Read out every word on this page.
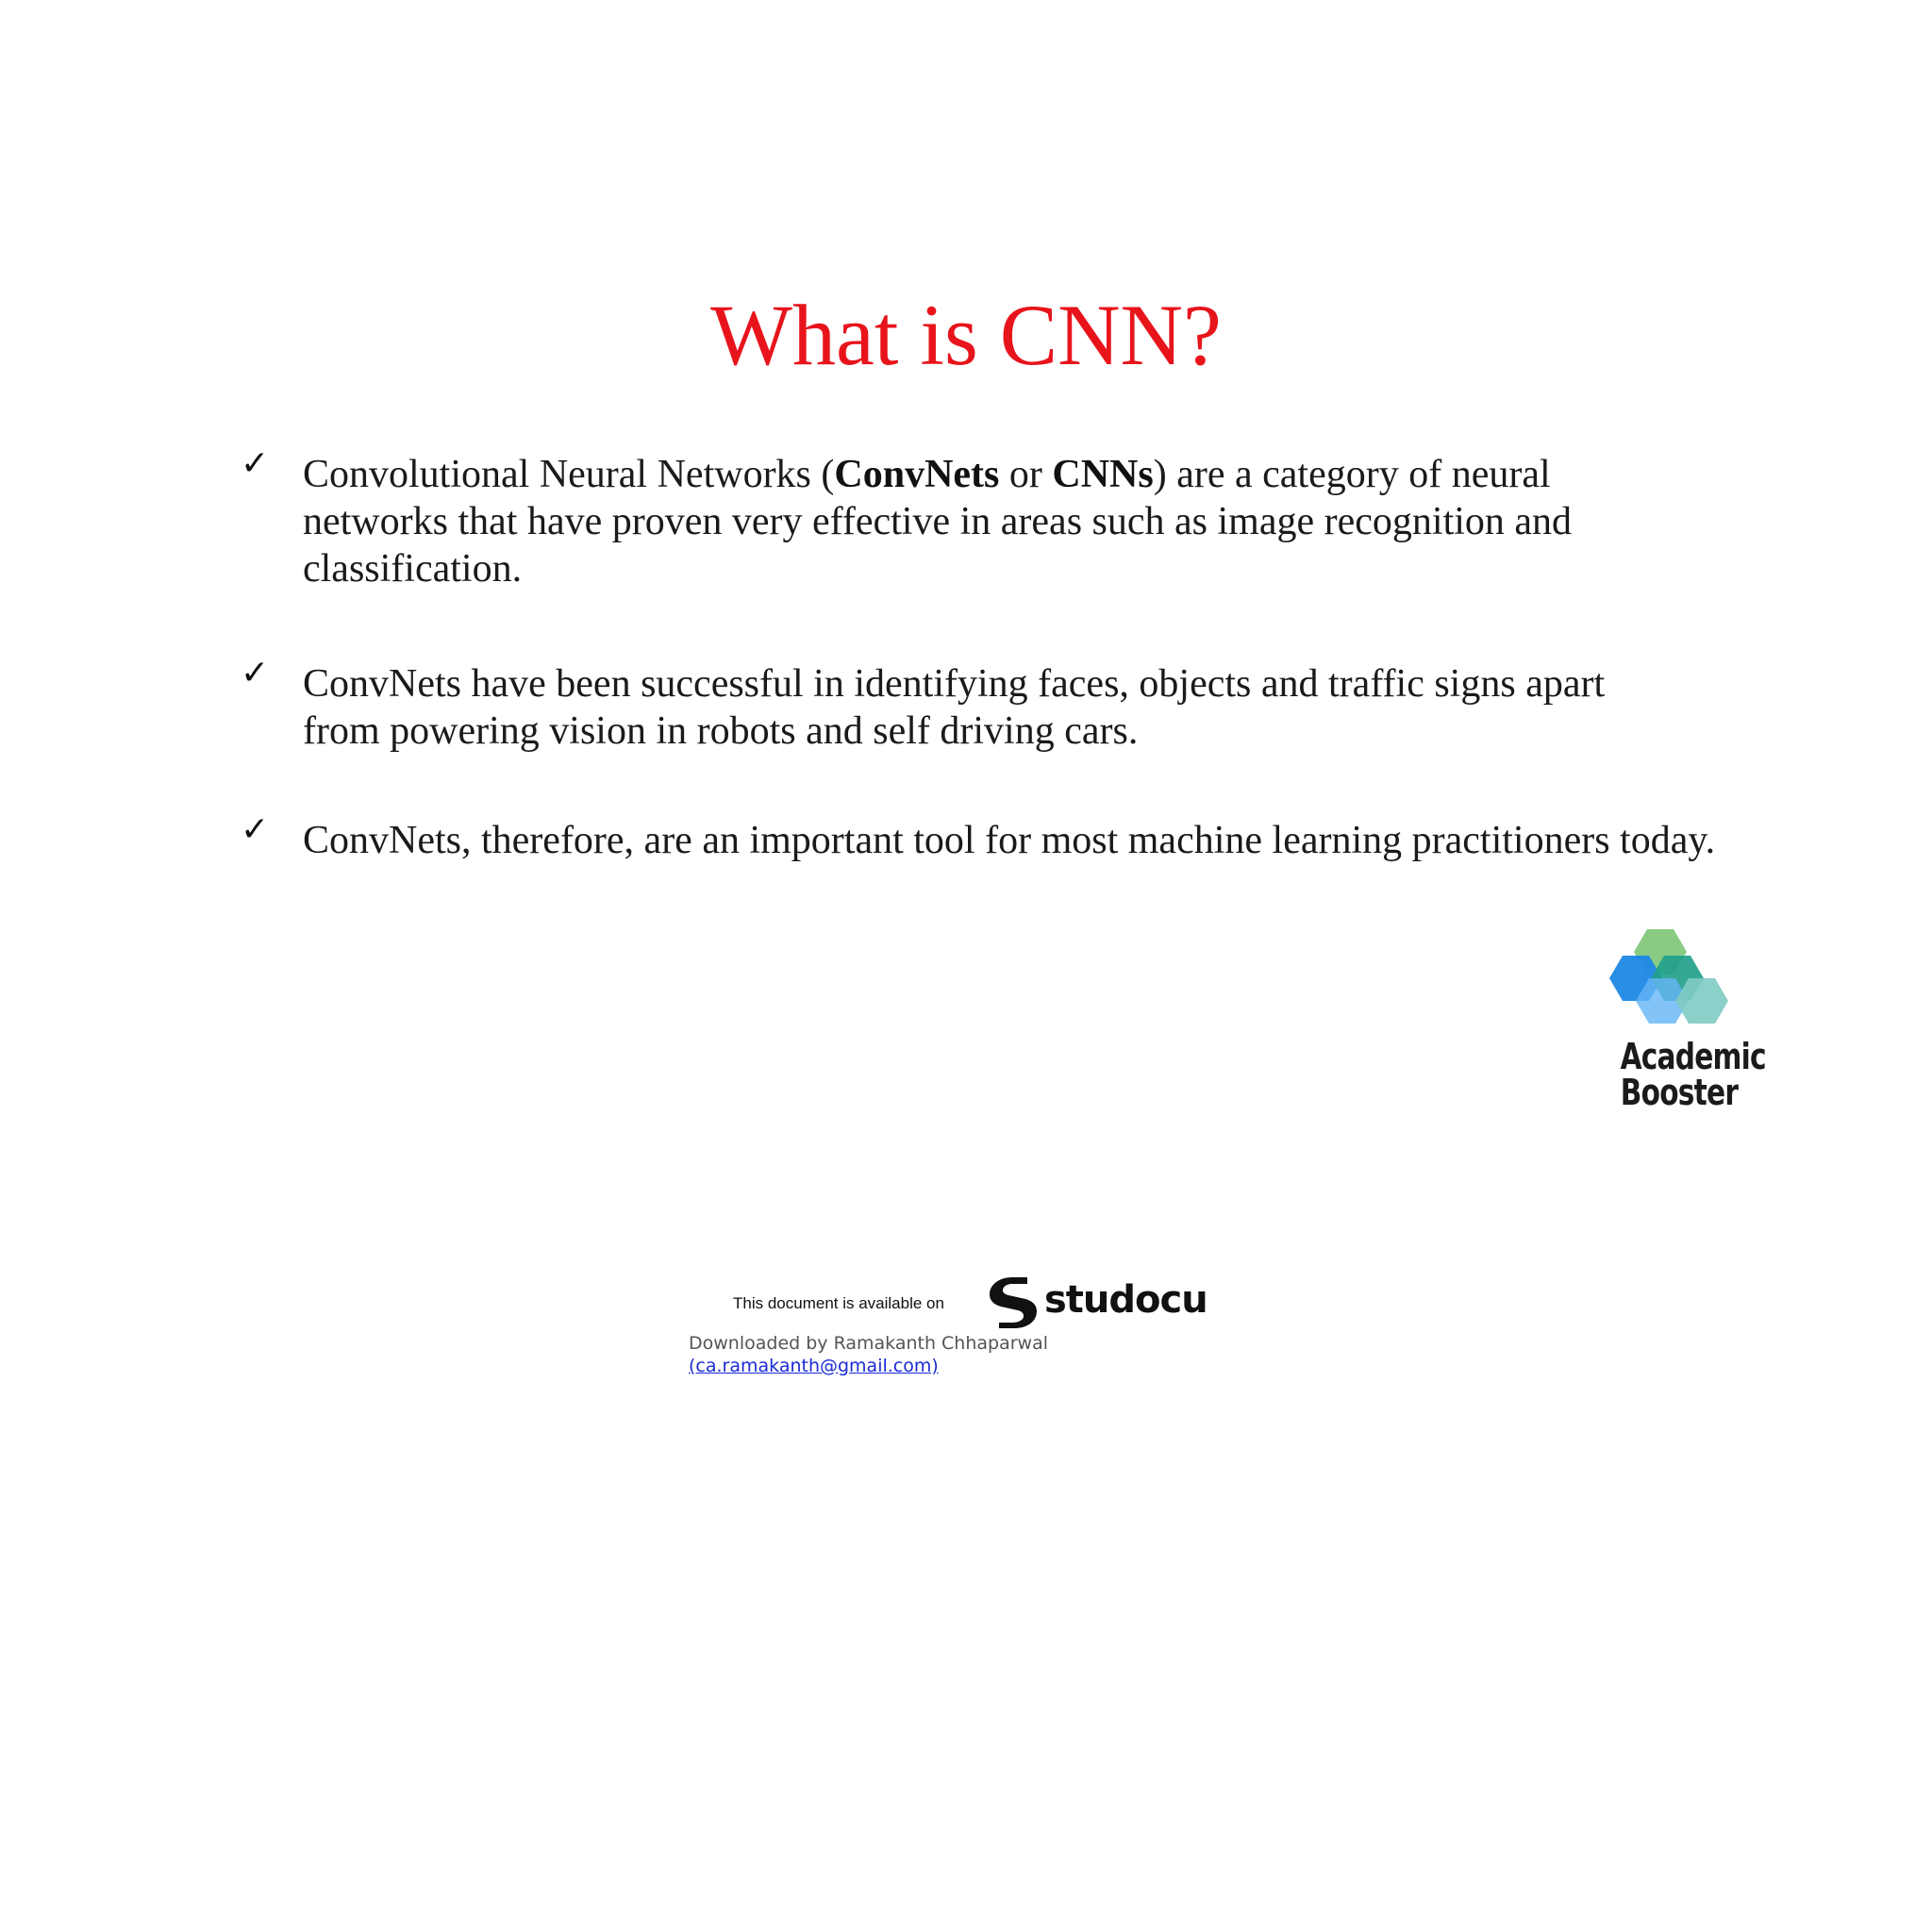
What is CNN?
✓ Convolutional Neural Networks (ConvNets or CNNs) are a category of neural networks that have proven very effective in areas such as image recognition and classification.

✓ ConvNets have been successful in identifying faces, objects and traffic signs apart from powering vision in robots and self driving cars.

✓ ConvNets, therefore, are an important tool for most machine learning practitioners today.

Academic
Booster
This document is available on	studocu
Downloaded by Ramakanth Chhaparwal
(ca.ramakanth@gmail.com)
